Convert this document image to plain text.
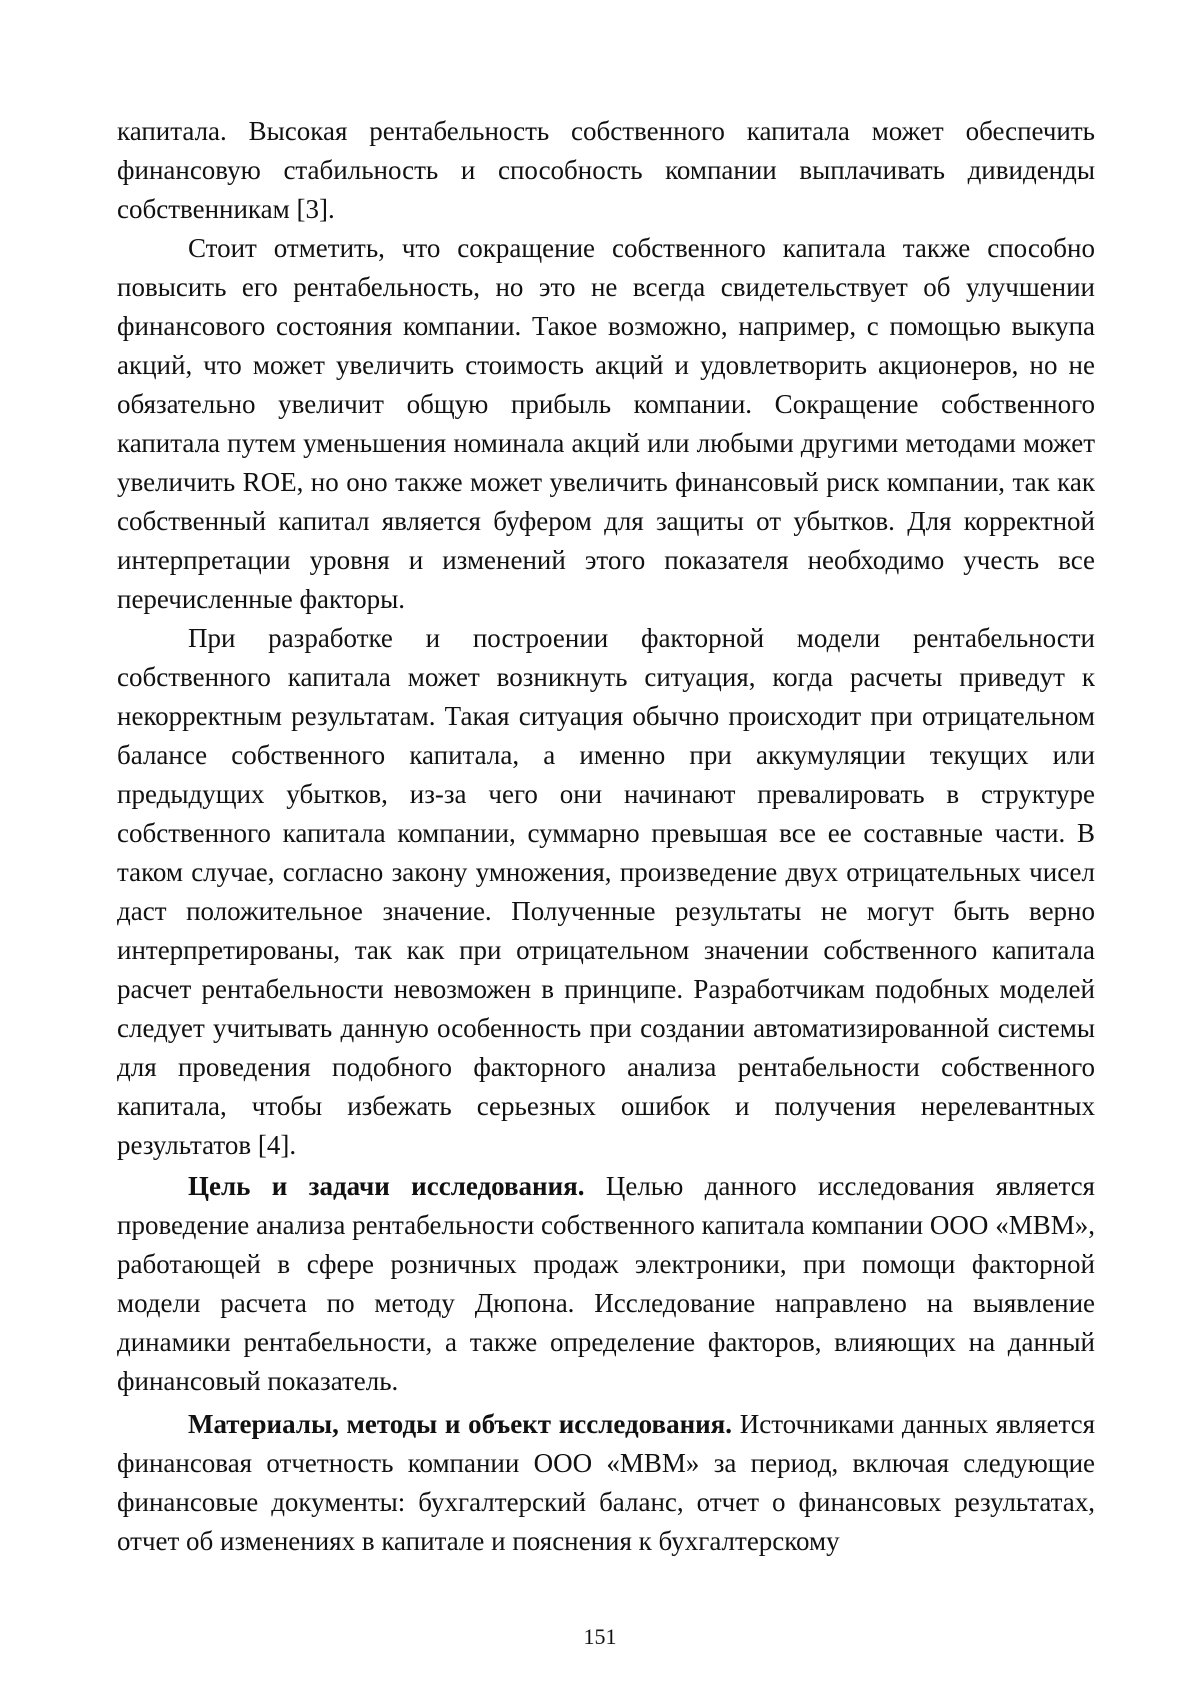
капитала. Высокая рентабельность собственного капитала может обеспечить финансовую стабильность и способность компании выплачивать дивиденды собственникам [3].

Стоит отметить, что сокращение собственного капитала также способно повысить его рентабельность, но это не всегда свидетельствует об улучшении финансового состояния компании. Такое возможно, например, с помощью выкупа акций, что может увеличить стоимость акций и удовлетворить акционеров, но не обязательно увеличит общую прибыль компании. Сокращение собственного капитала путем уменьшения номинала акций или любыми другими методами может увеличить ROE, но оно также может увеличить финансовый риск компании, так как собственный капитал является буфером для защиты от убытков. Для корректной интерпретации уровня и изменений этого показателя необходимо учесть все перечисленные факторы.

При разработке и построении факторной модели рентабельности собственного капитала может возникнуть ситуация, когда расчеты приведут к некорректным результатам. Такая ситуация обычно происходит при отрицательном балансе собственного капитала, а именно при аккумуляции текущих или предыдущих убытков, из-за чего они начинают превалировать в структуре собственного капитала компании, суммарно превышая все ее составные части. В таком случае, согласно закону умножения, произведение двух отрицательных чисел даст положительное значение. Полученные результаты не могут быть верно интерпретированы, так как при отрицательном значении собственного капитала расчет рентабельности невозможен в принципе. Разработчикам подобных моделей следует учитывать данную особенность при создании автоматизированной системы для проведения подобного факторного анализа рентабельности собственного капитала, чтобы избежать серьезных ошибок и получения нерелевантных результатов [4].

Цель и задачи исследования. Целью данного исследования является проведение анализа рентабельности собственного капитала компании ООО «МВМ», работающей в сфере розничных продаж электроники, при помощи факторной модели расчета по методу Дюпона. Исследование направлено на выявление динамики рентабельности, а также определение факторов, влияющих на данный финансовый показатель.

Материалы, методы и объект исследования. Источниками данных является финансовая отчетность компании ООО «МВМ» за период, включая следующие финансовые документы: бухгалтерский баланс, отчет о финансовых результатах, отчет об изменениях в капитале и пояснения к бухгалтерскому

151
